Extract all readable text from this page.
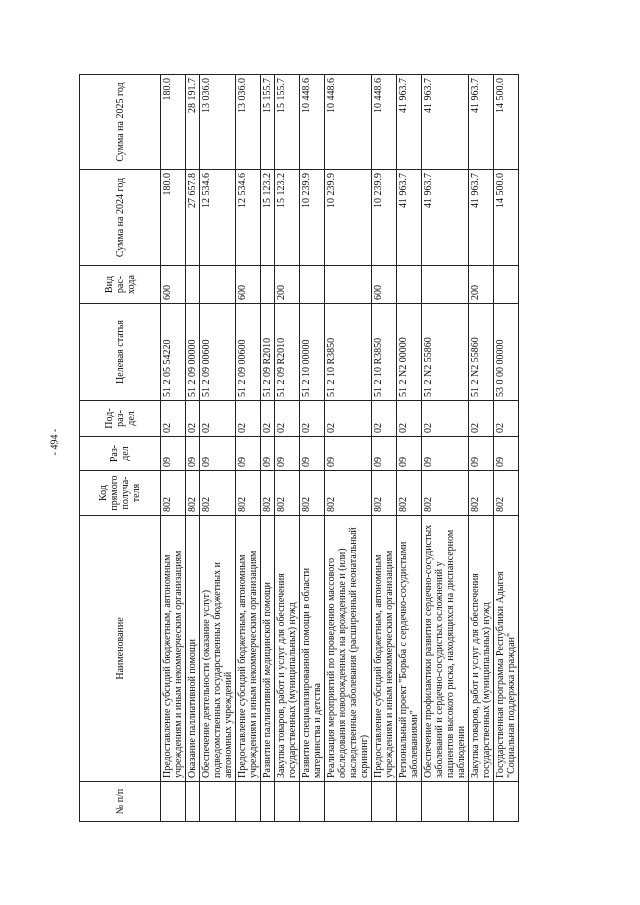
- 494 -
№ п/п	Наименование	Код прямого получа-теля	Раз-дел	Под-раз-дел	Целевая статья	Вид рас-хода	Сумма на 2024 год	Сумма на 2025 год
	Предоставление субсидий бюджетным, автономным учреждениям и иным некоммерческим организациям	802	09	02	51 2 05 54220	600	180.0	180.0
	Оказание паллиативной помощи	802	09	02	51 2 09 00000		27 657.8	28 191.7
	Обеспечение деятельности (оказание услуг) подведомственных государственных бюджетных и автономных учреждений	802	09	02	51 2 09 00600		12 534.6	13 036.0
	Предоставление субсидий бюджетным, автономным учреждениям и иным некоммерческим организациям	802	09	02	51 2 09 00600	600	12 534.6	13 036.0
	Развитие паллиативной медицинской помощи	802	09	02	51 2 09 R2010		15 123.2	15 155.7
	Закупка товаров, работ и услуг для обеспечения государственных (муниципальных) нужд	802	09	02	51 2 09 R2010	200	15 123.2	15 155.7
	Развитие специализированной помощи в области материнства и детства	802	09	02	51 2 10 00000		10 239.9	10 448.6
	Реализация мероприятий по проведению массового обследования новорожденных на врожденные и (или) наследственные заболевания (расширенный неонатальный скрининг)	802	09	02	51 2 10 R3850		10 239.9	10 448.6
	Предоставление субсидий бюджетным, автономным учреждениям и иным некоммерческим организациям	802	09	02	51 2 10 R3850	600	10 239.9	10 448.6
	Региональный проект "Борьба с сердечно-сосудистыми заболеваниями"	802	09	02	51 2 N2 00000		41 963.7	41 963.7
	Обеспечение профилактики развития сердечно-сосудистых заболеваний и сердечно-сосудистых осложнений у пациентов высокого риска, находящихся на диспансерном наблюдении	802	09	02	51 2 N2 55860		41 963.7	41 963.7
	Закупка товаров, работ и услуг для обеспечения государственных (муниципальных) нужд	802	09	02	51 2 N2 55860	200	41 963.7	41 963.7
	Государственная программа Республики Адыгея "Социальная поддержка граждан"	802	09	02	53 0 00 00000		14 500.0	14 500.0
